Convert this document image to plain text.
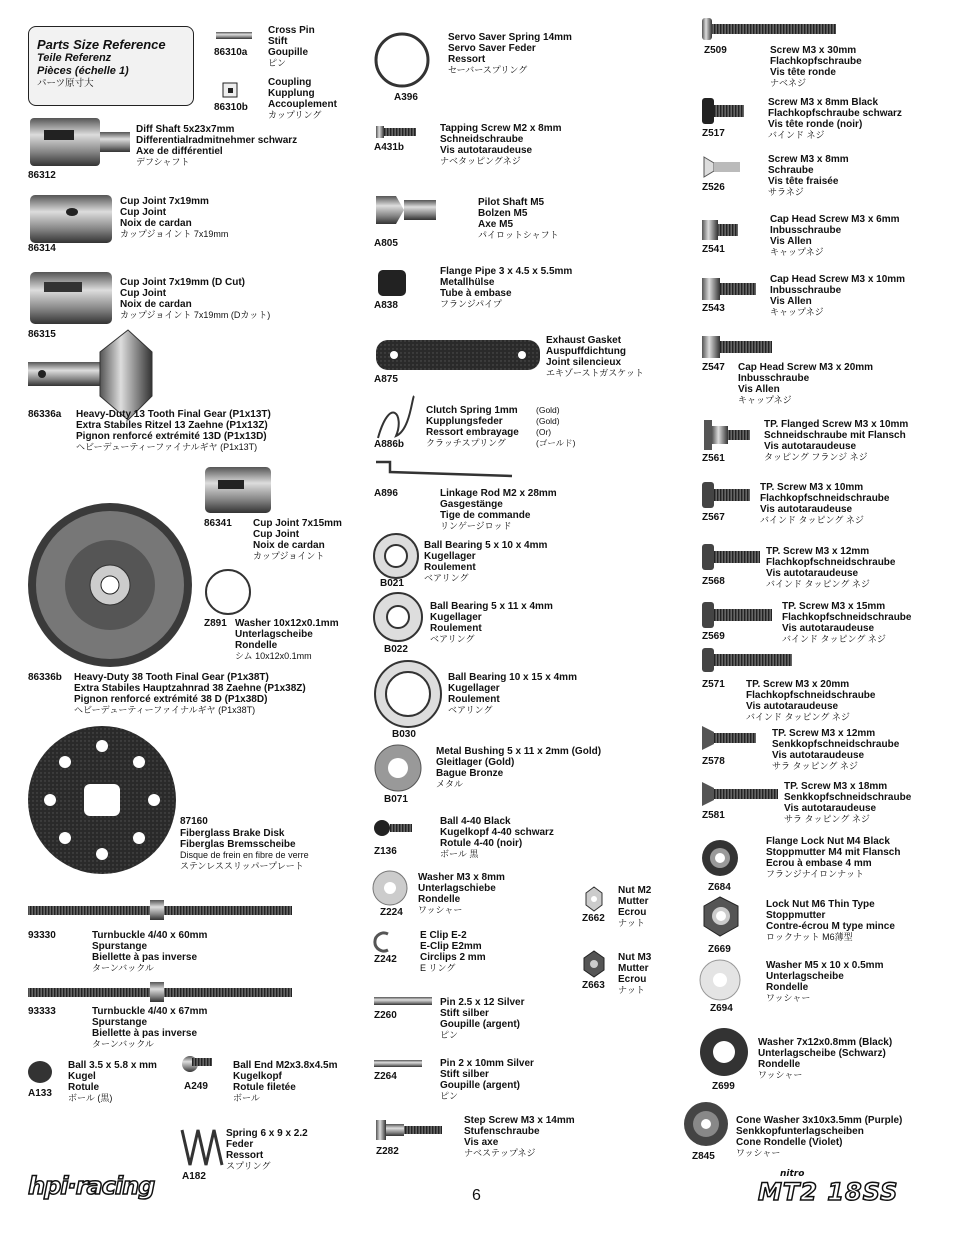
Parts Size Reference
Teile Referenz
Pièces (échelle 1)
パーツ原寸大
86310a
Cross Pin
Stift
Goupille
ピン
86310b
Coupling
Kupplung
Accouplement
カップリング
86312
Diff Shaft 5x23x7mm
Differentialradmitnehmer schwarz
Axe de différentiel
デフシャフト
86314
Cup Joint 7x19mm
Cup Joint
Noix de cardan
カップジョイント 7x19mm
86315
Cup Joint 7x19mm (D Cut)
Cup Joint
Noix de cardan
カップジョイント 7x19mm (Dカット)
86336a Heavy-Duty 13 Tooth Final Gear (P1x13T)
Extra Stabiles Ritzel 13 Zaehne (P1x13Z)
Pignon renforcé extrémité 13D (P1x13D)
ヘビーデューティーファイナルギヤ (P1x13T)
86341 Cup Joint 7x15mm
Cup Joint
Noix de cardan
カップジョイント
Z891 Washer 10x12x0.1mm
Unterlagscheibe
Rondelle
シム 10x12x0.1mm
86336b Heavy-Duty 38 Tooth Final Gear (P1x38T)
Extra Stabiles Hauptzahnrad 38 Zaehne (P1x38Z)
Pignon renforcé extrémité 38 D (P1x38D)
ヘビーデューティーファイナルギヤ (P1x38T)
87160
Fiberglass Brake Disk
Fiberglas Bremsscheibe
Disque de frein en fibre de verre
ステンレススリッパープレート
93330	Turnbuckle 4/40 x 60mm
Spurstange
Biellette à pas inverse
ターンバックル
93333	Turnbuckle 4/40 x 67mm
Spurstange
Biellette à pas inverse
ターンバックル
A133
Ball 3.5 x 5.8 x mm
Kugel
Rotule
ボール (黒)
A249
Ball End M2x3.8x4.5m
Kugelkopf
Rotule filetée
ボール
A182
Spring 6 x 9 x 2.2
Feder
Ressort
スプリング
A396
Servo Saver Spring 14mm
Servo Saver Feder
Ressort
セーバースプリング
A431b
Tapping Screw M2 x 8mm
Schneidschraube
Vis autotaraudeuse
ナベタッピングネジ
A805
Pilot Shaft M5
Bolzen M5
Axe M5
パイロットシャフト
A838
Flange Pipe 3 x 4.5 x 5.5mm
Metallhülse
Tube à embase
フランジパイプ
A875
Exhaust Gasket
Auspuffdichtung
Joint silencieux
エキゾーストガスケット
A886b
Clutch Spring 1mm
Kupplungsfeder
Ressort embrayage
クラッチスプリング
(Gold)
(Gold)
(Or)
(ゴールド)
A896	Linkage Rod M2 x 28mm
Gasgestänge
Tige de commande
リンゲージロッド
B021
Ball Bearing 5 x 10 x 4mm
Kugellager
Roulement
ベアリング
B022
Ball Bearing 5 x 11 x 4mm
Kugellager
Roulement
ベアリング
B030
Ball Bearing 10 x 15 x 4mm
Kugellager
Roulement
ベアリング
B071
Metal Bushing 5 x 11 x 2mm (Gold)
Gleitlager (Gold)
Bague Bronze
メタル
Z136
Ball 4-40 Black
Kugelkopf 4-40 schwarz
Rotule 4-40 (noir)
ボール 黒
Z224
Washer M3 x 8mm
Unterlagschiebe
Rondelle
ワッシャー
Z662
Nut M2
Mutter
Ecrou
ナット
Z242
E Clip E-2
E-Clip E2mm
Circlips 2 mm
E リング
Z663
Nut M3
Mutter
Ecrou
ナット
Z260
Pin 2.5 x 12 Silver
Stift silber
Goupille (argent)
ピン
Z264
Pin 2 x 10mm Silver
Stift silber
Goupille (argent)
ピン
Z282
Step Screw M3 x 14mm
Stufenschraube
Vis axe
ナベステップネジ
Z509	Screw M3 x 30mm
Flachkopfschraube
Vis tête ronde
ナベネジ
Z517
Screw M3 x 8mm Black
Flachkopfschraube schwarz
Vis tête ronde (noir)
バインド ネジ
Z526
Screw M3 x 8mm
Schraube
Vis tête fraisée
サラネジ
Z541
Cap Head Screw M3 x 6mm
Inbusschraube
Vis Allen
キャップネジ
Z543
Cap Head Screw M3 x 10mm
Inbusschraube
Vis Allen
キャップネジ
Z547 Cap Head Screw M3 x 20mm
Inbusschraube
Vis Allen
キャップネジ
Z561
TP. Flanged Screw M3 x 10mm
Schneidschraube mit Flansch
Vis autotaraudeuse
タッピング フランジ ネジ
Z567
TP. Screw M3 x 10mm
Flachkopfschneidschraube
Vis autotaraudeuse
バインド タッピング ネジ
Z568
TP. Screw M3 x 12mm
Flachkopfschneidschraube
Vis autotaraudeuse
バインド タッピング ネジ
Z569
TP. Screw M3 x 15mm
Flachkopfschneidschraube
Vis autotaraudeuse
バインド タッピング ネジ
Z571 TP. Screw M3 x 20mm
Flachkopfschneidschraube
Vis autotaraudeuse
バインド タッピング ネジ
Z578
TP. Screw M3 x 12mm
Senkkopfschneidschraube
Vis autotaraudeuse
サラ タッピング ネジ
Z581
TP. Screw M3 x 18mm
Senkkopfschneidschraube
Vis autotaraudeuse
サラ タッピング ネジ
Z684
Flange Lock Nut M4 Black
Stoppmutter M4 mit Flansch
Ecrou à embase 4 mm
フランジナイロンナット
Z669
Lock Nut M6 Thin Type
Stoppmutter
Contre-écrou M type mince
ロックナット M6薄型
Z694
Washer M5 x 10 x 0.5mm
Unterlagscheibe
Rondelle
ワッシャー
Z699
Washer 7x12x0.8mm (Black)
Unterlagscheibe (Schwarz)
Rondelle
ワッシャー
Z845
Cone Washer 3x10x3.5mm (Purple)
Senkkopfunterlagscheiben
Cone Rondelle (Violet)
ワッシャー
6
hpi·racing	nitro
MT2 18SS
